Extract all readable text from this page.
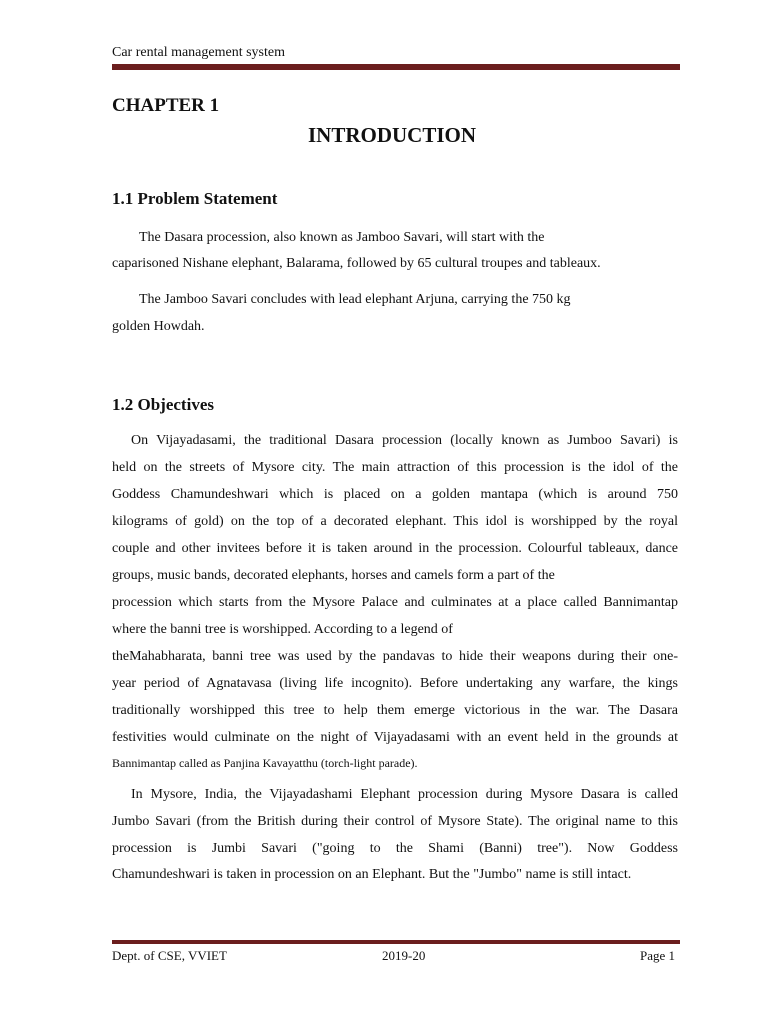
Car rental management system
CHAPTER 1
INTRODUCTION
1.1 Problem Statement
The Dasara procession, also known as Jamboo Savari, will start with the
caparisoned Nishane elephant, Balarama, followed by 65 cultural troupes and tableaux.
The Jamboo Savari concludes with lead elephant Arjuna, carrying the 750 kg
golden Howdah.
1.2 Objectives
On Vijayadasami, the traditional Dasara procession (locally known as Jumboo Savari) is
held on the streets of Mysore city. The main attraction of this procession is the idol of the
Goddess Chamundeshwari which is placed on a golden mantapa (which is around 750
kilograms of gold) on the top of a decorated elephant. This idol is worshipped by the royal
couple and other invitees before it is taken around in the procession. Colourful tableaux, dance
groups, music bands, decorated elephants, horses and camels form a part of the
procession which starts from the Mysore Palace and culminates at a place called Bannimantap
where the banni tree is worshipped. According to a legend of
theMahabharata, banni tree was used by the pandavas to hide their weapons during their one-
year period of Agnatavasa (living life incognito). Before undertaking any warfare, the kings
traditionally worshipped this tree to help them emerge victorious in the war. The Dasara
festivities would culminate on the night of Vijayadasami with an event held in the grounds at
Bannimantap called as Panjina Kavayatthu (torch-light parade).
In Mysore, India, the Vijayadashami Elephant procession during Mysore Dasara is called
Jumbo Savari (from the British during their control of Mysore State). The original name to this
procession is Jumbi Savari ("going to the Shami (Banni) tree"). Now Goddess
Chamundeshwari is taken in procession on an Elephant. But the "Jumbo" name is still intact.
Dept. of CSE, VVIET	2019-20	Page 1
